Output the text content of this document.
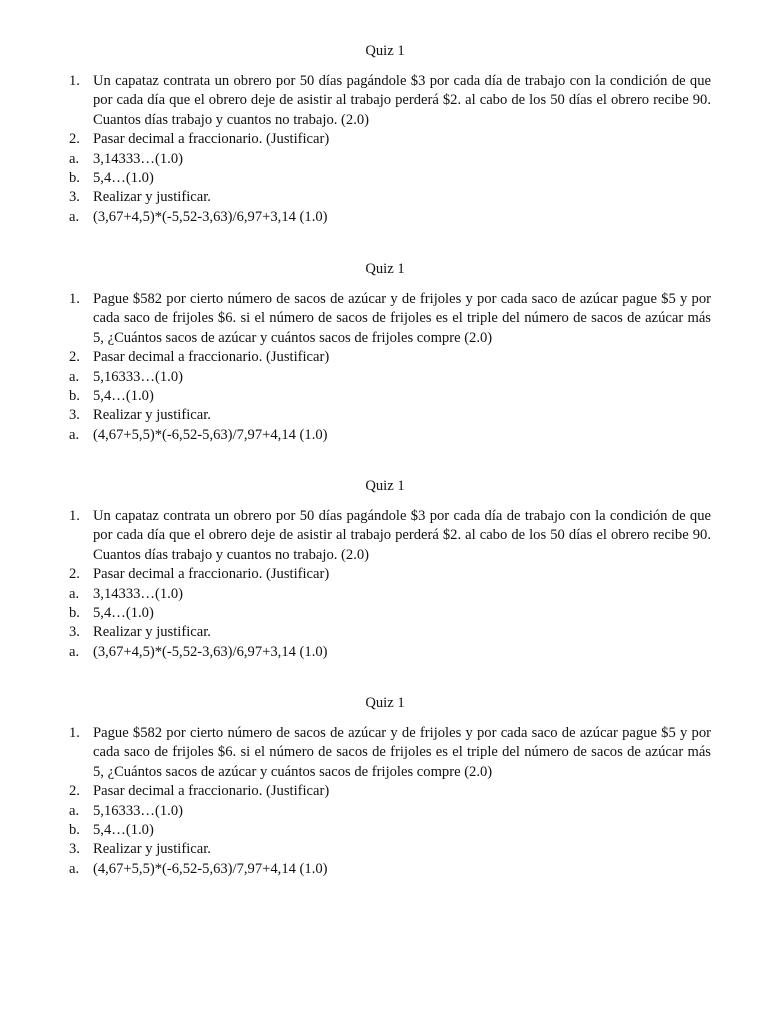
Quiz 1
1. Un capataz contrata un obrero por 50 días pagándole $3 por cada día de trabajo con la condición de que por cada día que el obrero deje de asistir al trabajo perderá $2. al cabo de los 50 días el obrero recibe 90. Cuantos días trabajo y cuantos no trabajo. (2.0)
2. Pasar decimal a fraccionario. (Justificar)
a. 3,14333…(1.0)
b. 5,4…(1.0)
3. Realizar y justificar.
a. (3,67+4,5)*(-5,52-3,63)/6,97+3,14 (1.0)
Quiz 1
1. Pague $582 por cierto número de sacos de azúcar y de frijoles y por cada saco de azúcar pague $5 y por cada saco de frijoles $6. si el número de sacos de frijoles es el triple del número de sacos de azúcar más 5, ¿Cuántos sacos de azúcar y cuántos sacos de frijoles compre (2.0)
2. Pasar decimal a fraccionario. (Justificar)
a. 5,16333…(1.0)
b. 5,4…(1.0)
3. Realizar y justificar.
a. (4,67+5,5)*(-6,52-5,63)/7,97+4,14 (1.0)
Quiz 1
1. Un capataz contrata un obrero por 50 días pagándole $3 por cada día de trabajo con la condición de que por cada día que el obrero deje de asistir al trabajo perderá $2. al cabo de los 50 días el obrero recibe 90. Cuantos días trabajo y cuantos no trabajo. (2.0)
2. Pasar decimal a fraccionario. (Justificar)
a. 3,14333…(1.0)
b. 5,4…(1.0)
3. Realizar y justificar.
a. (3,67+4,5)*(-5,52-3,63)/6,97+3,14 (1.0)
Quiz 1
1. Pague $582 por cierto número de sacos de azúcar y de frijoles y por cada saco de azúcar pague $5 y por cada saco de frijoles $6. si el número de sacos de frijoles es el triple del número de sacos de azúcar más 5, ¿Cuántos sacos de azúcar y cuántos sacos de frijoles compre (2.0)
2. Pasar decimal a fraccionario. (Justificar)
a. 5,16333…(1.0)
b. 5,4…(1.0)
3. Realizar y justificar.
a. (4,67+5,5)*(-6,52-5,63)/7,97+4,14 (1.0)
